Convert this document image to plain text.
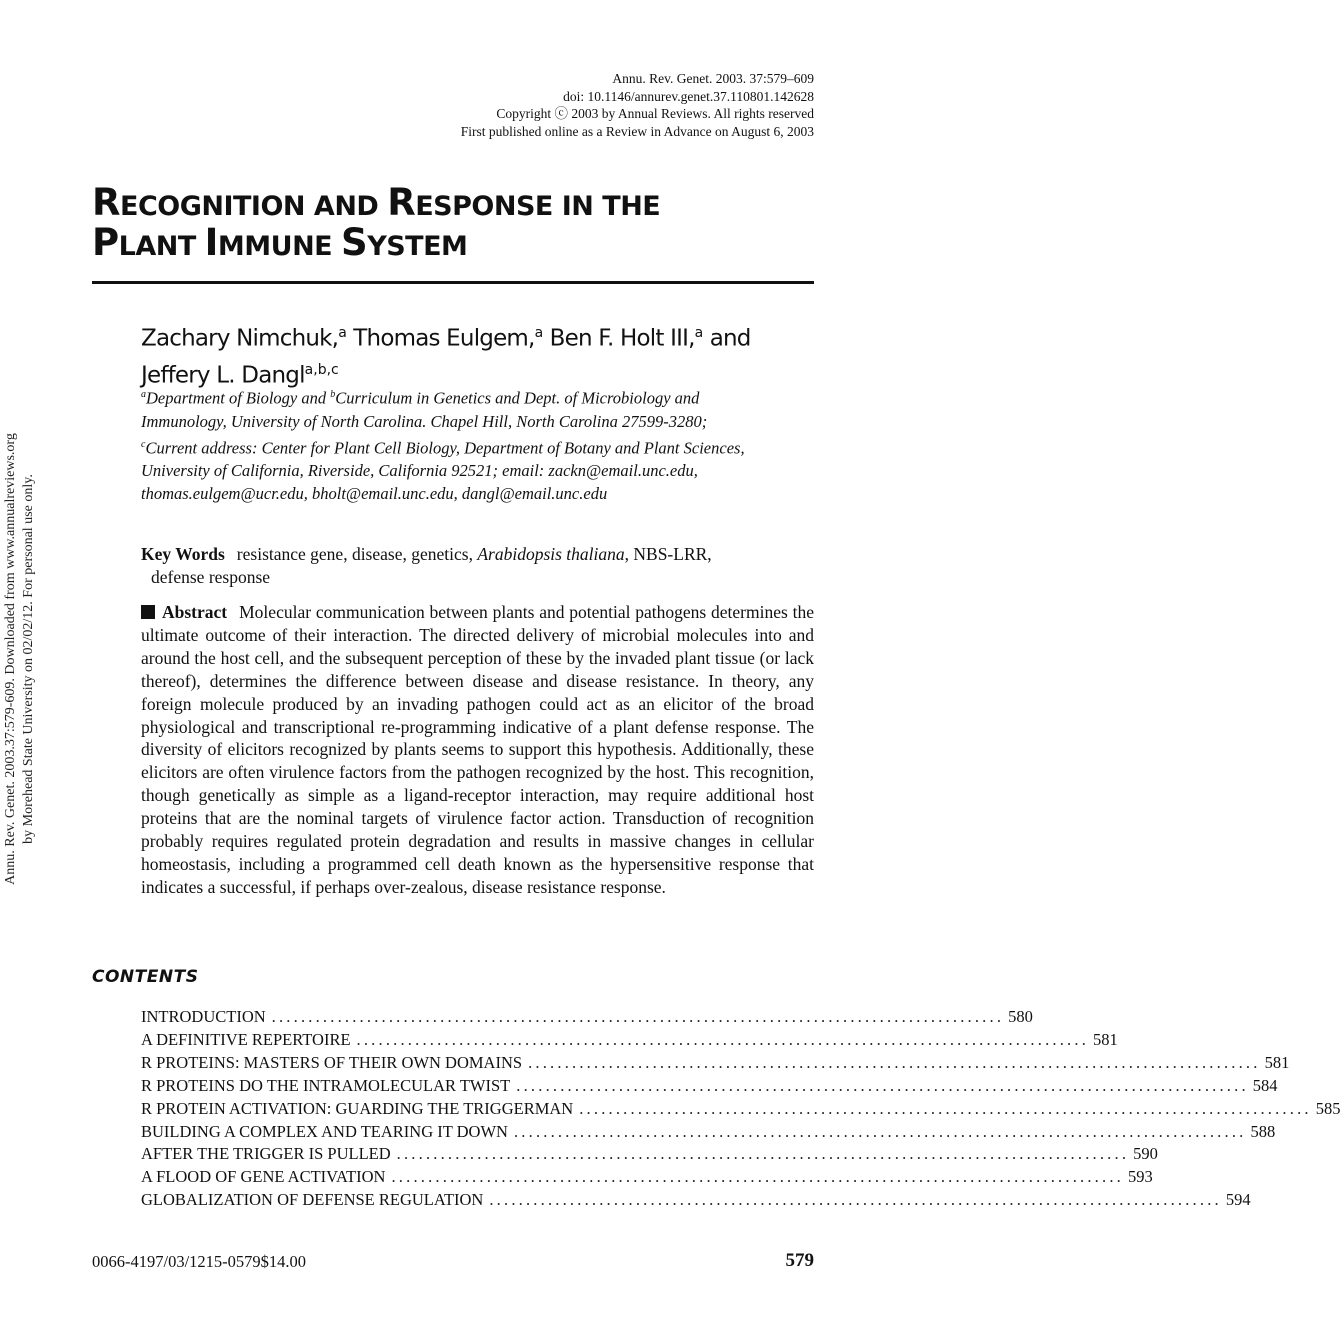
Annu. Rev. Genet. 2003.37:579-609. Downloaded from www.annualreviews.org by Morehead State University on 02/02/12. For personal use only.
Annu. Rev. Genet. 2003. 37:579–609
doi: 10.1146/annurev.genet.37.110801.142628
Copyright ⓒ 2003 by Annual Reviews. All rights reserved
First published online as a Review in Advance on August 6, 2003
RECOGNITION AND RESPONSE IN THE
PLANT IMMUNE SYSTEM
Zachary Nimchuk,$^a$ Thomas Eulgem,$^a$ Ben F. Holt III,$^a$ and
Jeffery L. Dangl$^{a,b,c}$
$^a$Department of Biology and $^b$Curriculum in Genetics and Dept. of Microbiology and
Immunology, University of North Carolina. Chapel Hill, North Carolina 27599-3280;
$^c$Current address: Center for Plant Cell Biology, Department of Botany and Plant Sciences,
University of California, Riverside, California 92521; email: zackn@email.unc.edu,
thomas.eulgem@ucr.edu, bholt@email.unc.edu, dangl@email.unc.edu
Key Words resistance gene, disease, genetics, Arabidopsis thaliana, NBS-LRR,
defense response
Abstract Molecular communication between plants and potential pathogens determines the ultimate outcome of their interaction. The directed delivery of microbial molecules into and around the host cell, and the subsequent perception of these by the invaded plant tissue (or lack thereof), determines the difference between disease and disease resistance. In theory, any foreign molecule produced by an invading pathogen could act as an elicitor of the broad physiological and transcriptional re-programming indicative of a plant defense response. The diversity of elicitors recognized by plants seems to support this hypothesis. Additionally, these elicitors are often virulence factors from the pathogen recognized by the host. This recognition, though genetically as simple as a ligand-receptor interaction, may require additional host proteins that are the nominal targets of virulence factor action. Transduction of recognition probably requires regulated protein degradation and results in massive changes in cellular homeostasis, including a programmed cell death known as the hypersensitive response that indicates a successful, if perhaps over-zealous, disease resistance response.
CONTENTS
INTRODUCTION .................................................................................................... 580
A DEFINITIVE REPERTOIRE .................................................................................................... 581
R PROTEINS: MASTERS OF THEIR OWN DOMAINS .................................................................................................... 581
R PROTEINS DO THE INTRAMOLECULAR TWIST .................................................................................................... 584
R PROTEIN ACTIVATION: GUARDING THE TRIGGERMAN .................................................................................................... 585
BUILDING A COMPLEX AND TEARING IT DOWN .................................................................................................... 588
AFTER THE TRIGGER IS PULLED .................................................................................................... 590
A FLOOD OF GENE ACTIVATION .................................................................................................... 593
GLOBALIZATION OF DEFENSE REGULATION .................................................................................................... 594
0066-4197/03/1215-0579$14.00	579
